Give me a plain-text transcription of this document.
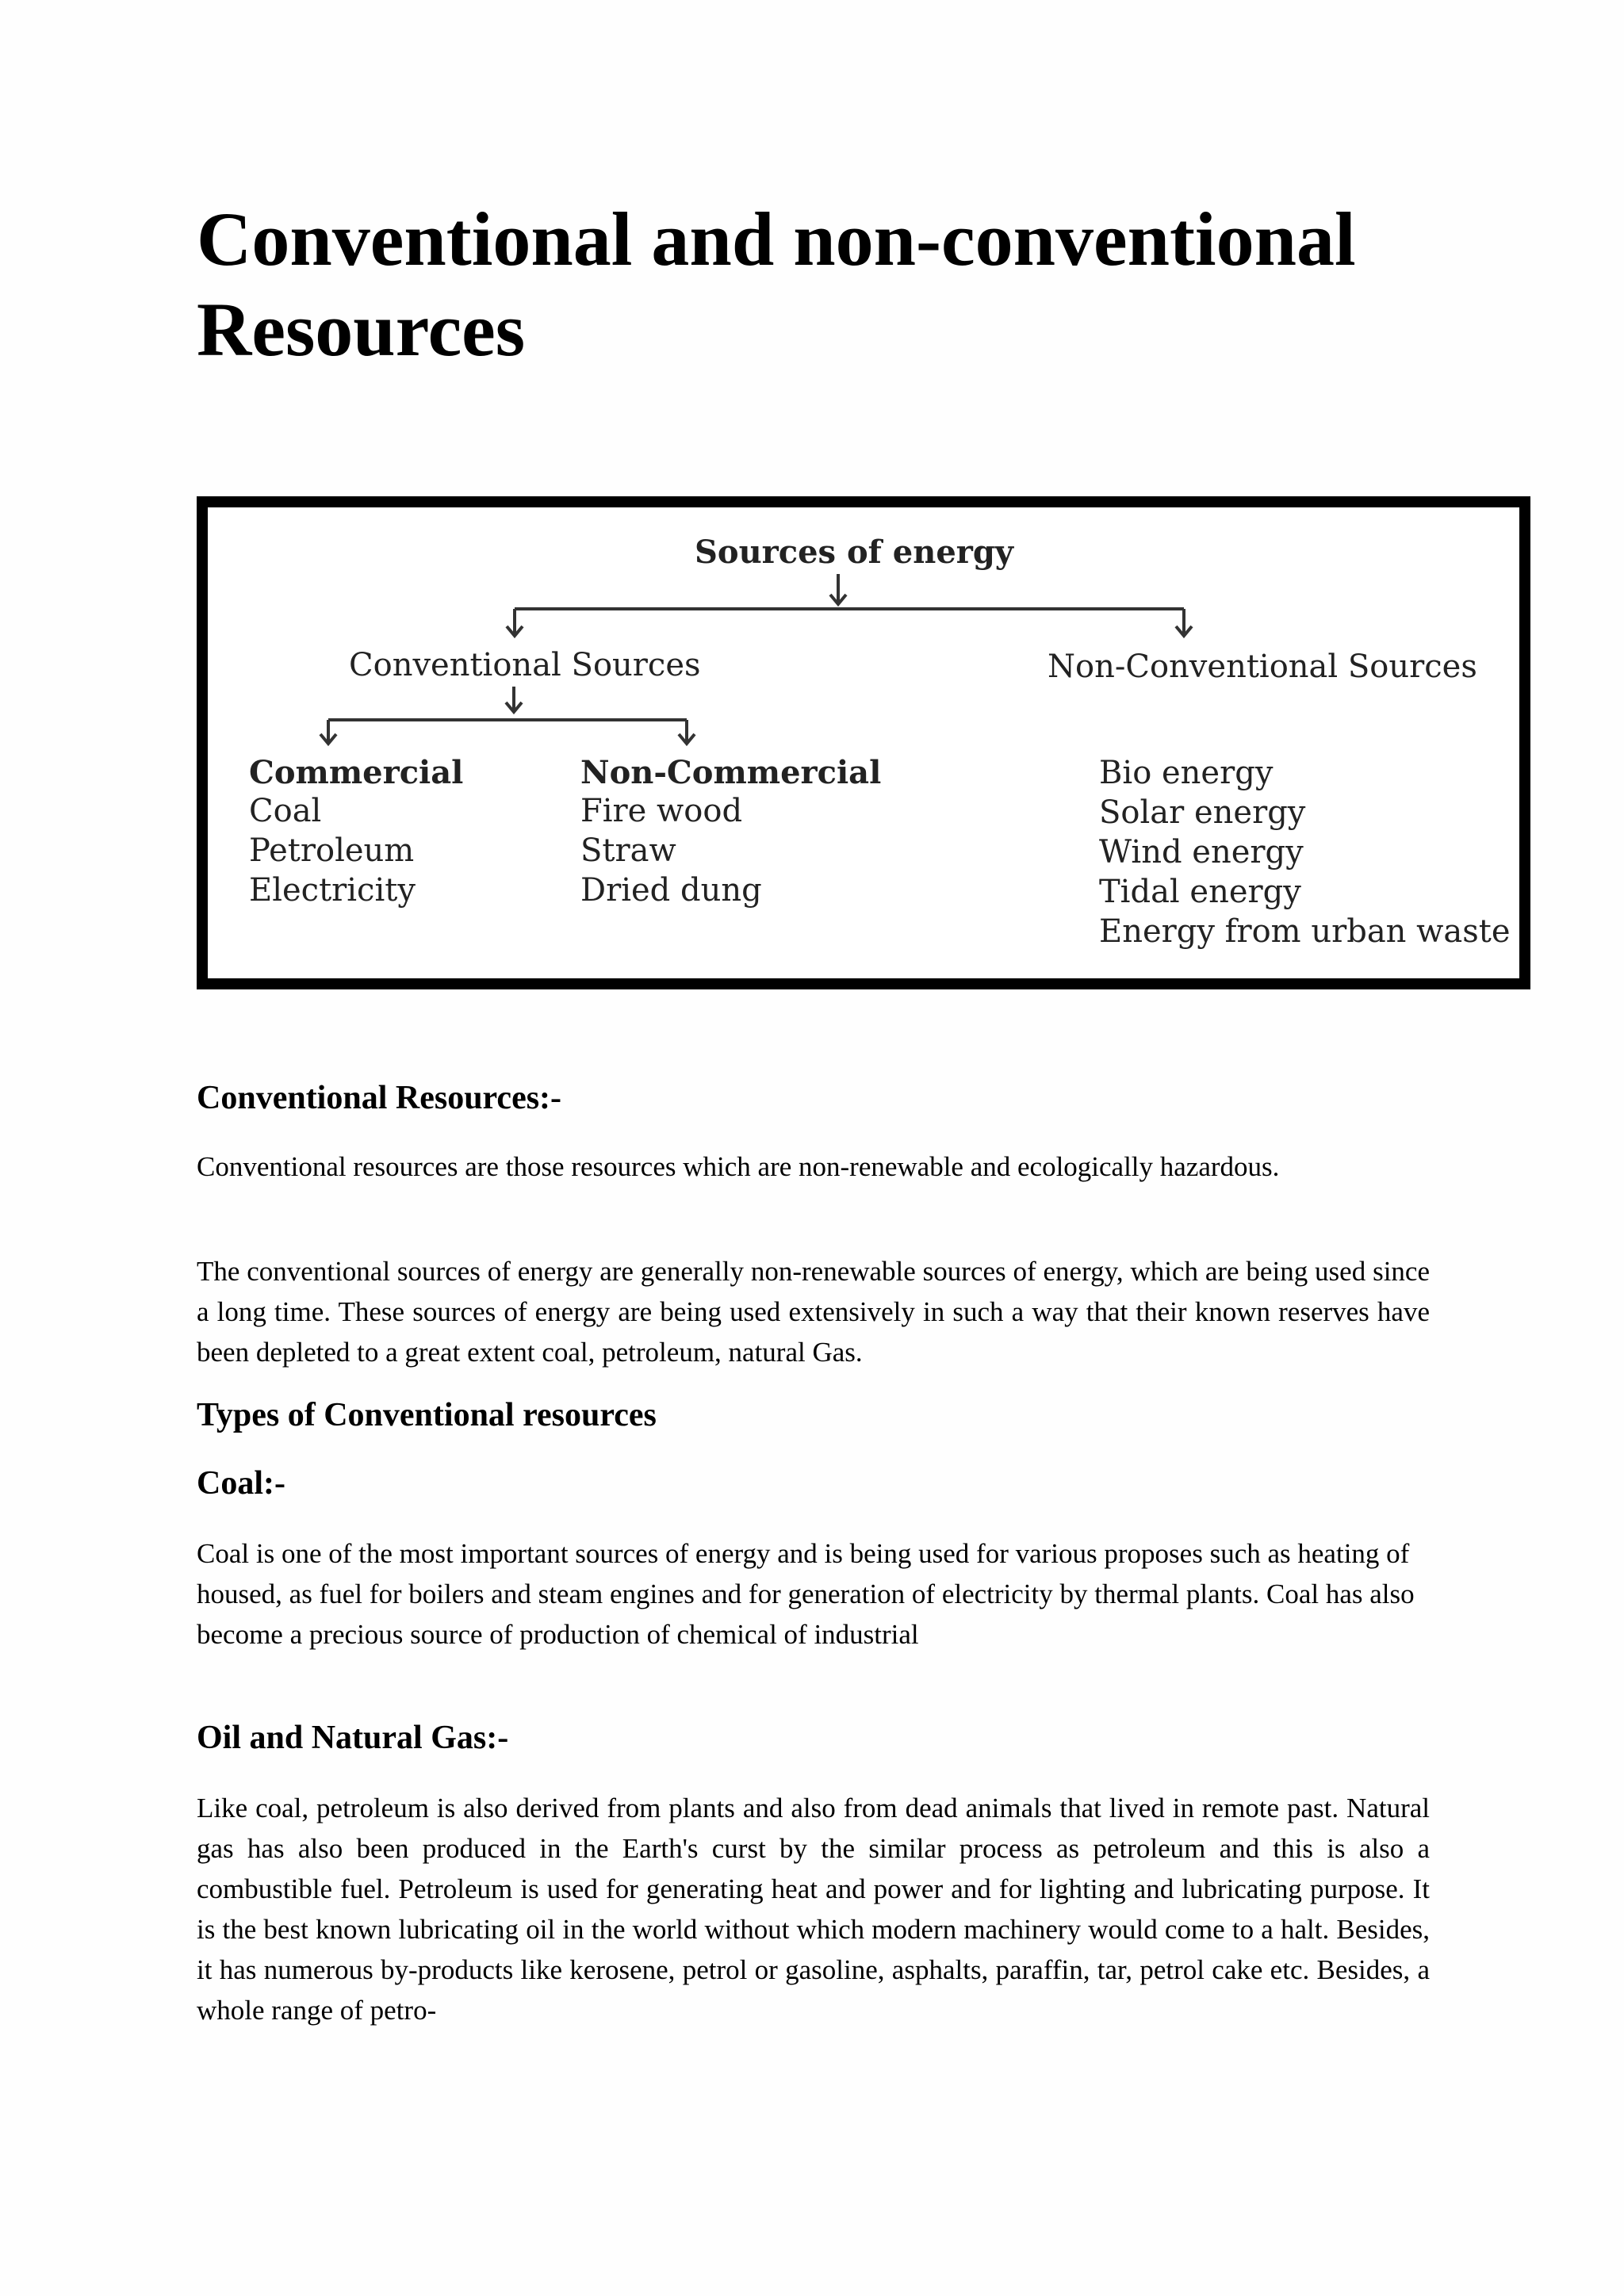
Conventional and non-conventional Resources
Sources of energy
Conventional Sources	Non-Conventional Sources
Commercial
Coal
Petroleum
Electricity
Non-Commercial
Fire wood
Straw
Dried dung
Bio energy
Solar energy
Wind energy
Tidal energy
Energy from urban waste
Conventional Resources:-

Conventional resources are those resources which are non-renewable and ecologically hazardous.

The conventional sources of energy are generally non-renewable sources of energy, which are being used since a long time. These sources of energy are being used extensively in such a way that their known reserves have been depleted to a great extent coal, petroleum, natural Gas.

Types of Conventional resources
Coal:-

Coal is one of the most important sources of energy and is being used for various proposes such as heating of housed, as fuel for boilers and steam engines and for generation of electricity by thermal plants. Coal has also become a precious source of production of chemical of industrial

Oil and Natural Gas:-

Like coal, petroleum is also derived from plants and also from dead animals that lived in remote past. Natural gas has also been produced in the Earth's curst by the similar process as petroleum and this is also a combustible fuel. Petroleum is used for generating heat and power and for lighting and lubricating purpose. It is the best known lubricating oil in the world without which modern machinery would come to a halt. Besides, it has numerous by-products like kerosene, petrol or gasoline, asphalts, paraffin, tar, petrol cake etc. Besides, a whole range of petro-
